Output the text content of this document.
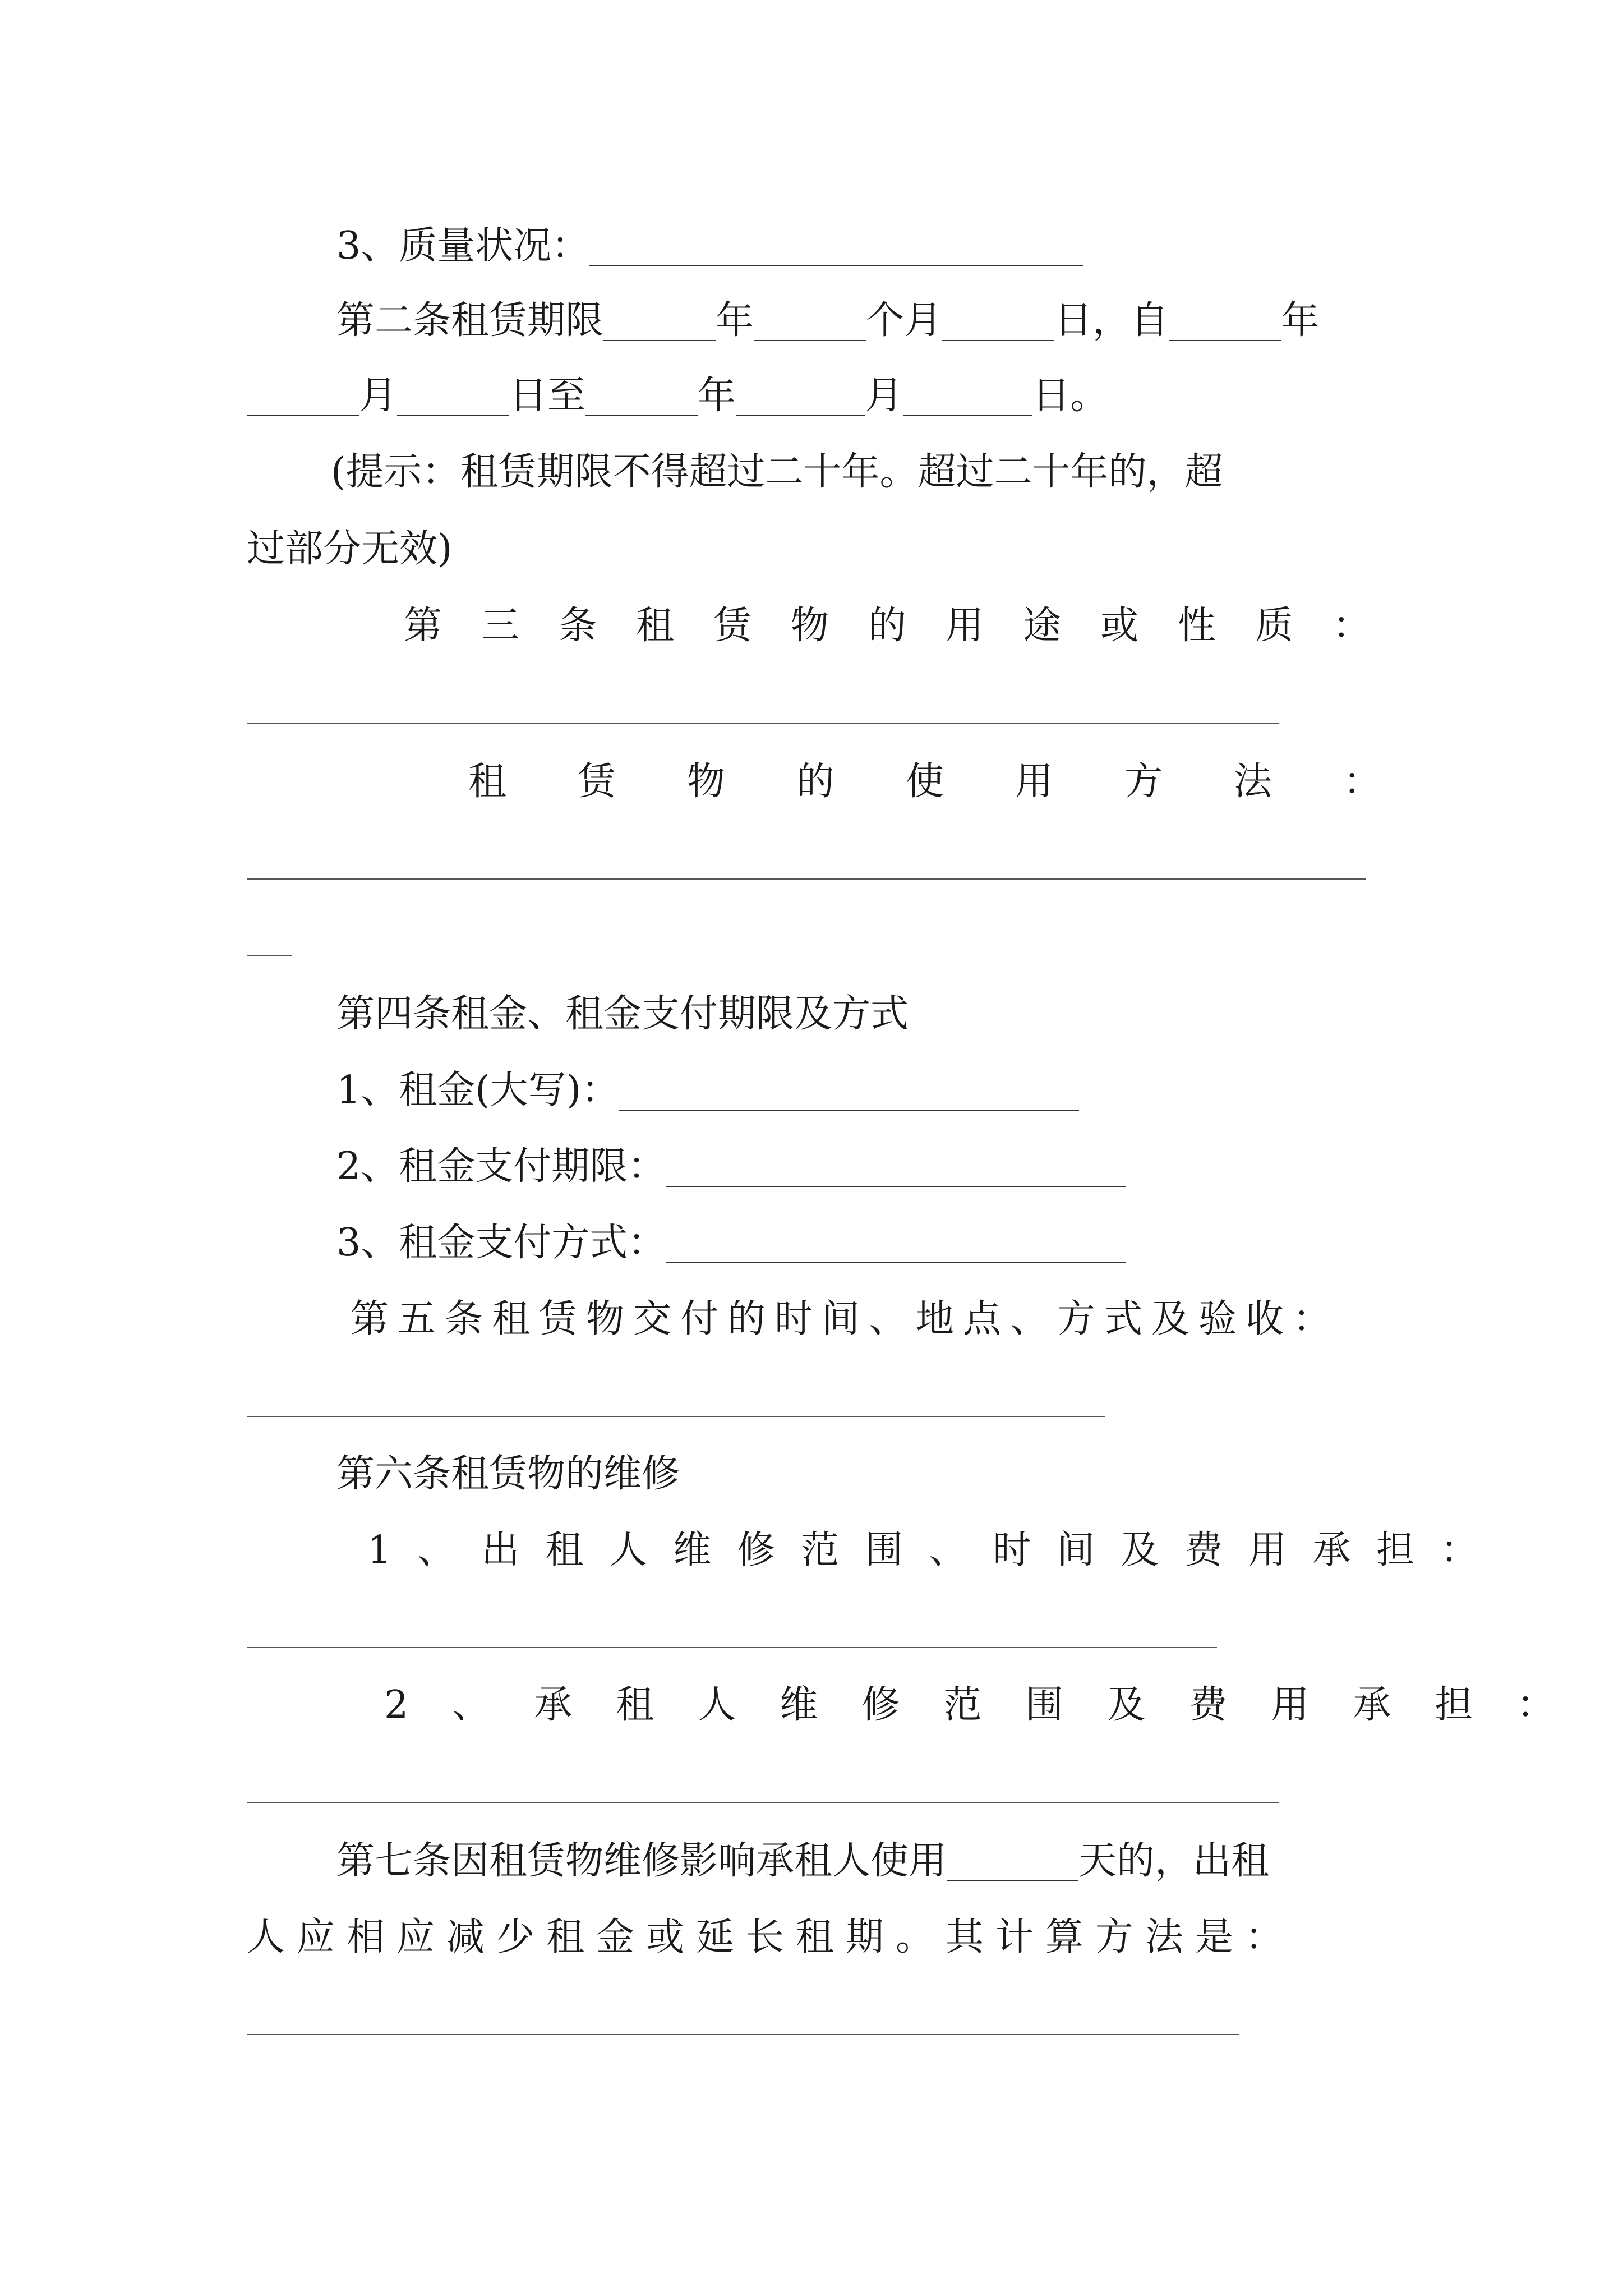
3、质量状况：
第二条租赁期限	年	个月	日，自	年
月	日至	年	月	日。
(提示：租赁期限不得超过二十年。超过二十年的，超
过部分无效)
第三条租赁物的用途或性质：
租赁物的使用方法：
第四条租金、租金支付期限及方式
1、租金(大写)：
2、租金支付期限：
3、租金支付方式：
第五条租赁物交付的时间、地点、方式及验收：
第六条租赁物的维修
1、出租人维修范围、时间及费用承担：
2、承租人维修范围及费用承担：
第七条因租赁物维修影响承租人使用	天的，出租
人应相应减少租金或延长租期。其计算方法是：
